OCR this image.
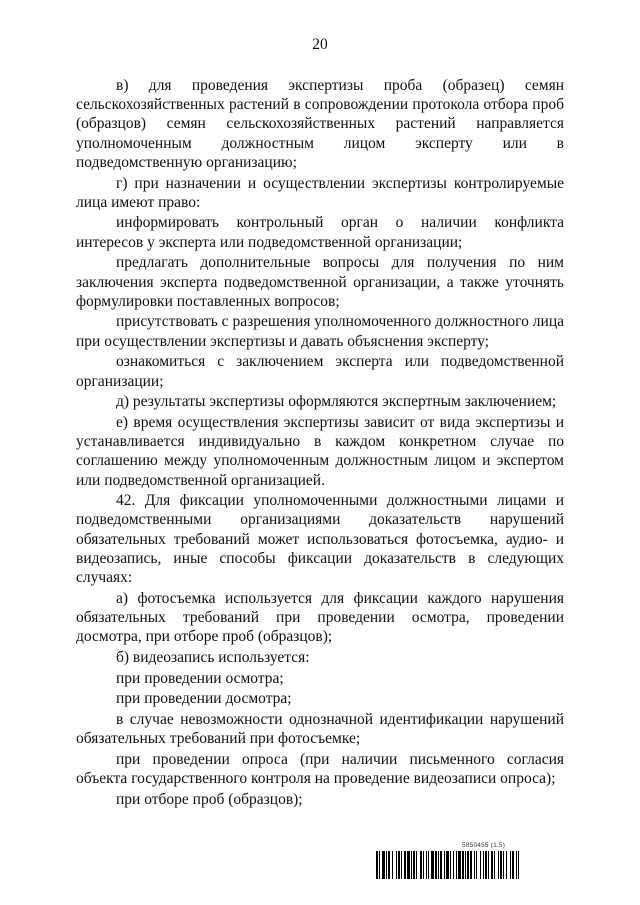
20

в) для проведения экспертизы проба (образец) семян сельскохозяйственных растений в сопровождении протокола отбора проб (образцов) семян сельскохозяйственных растений направляется уполномоченным должностным лицом эксперту или в подведомственную организацию;

г) при назначении и осуществлении экспертизы контролируемые лица имеют право:

информировать контрольный орган о наличии конфликта интересов у эксперта или подведомственной организации;

предлагать дополнительные вопросы для получения по ним заключения эксперта подведомственной организации, а также уточнять формулировки поставленных вопросов;

присутствовать с разрешения уполномоченного должностного лица при осуществлении экспертизы и давать объяснения эксперту;

ознакомиться с заключением эксперта или подведомственной организации;

д) результаты экспертизы оформляются экспертным заключением;

е) время осуществления экспертизы зависит от вида экспертизы и устанавливается индивидуально в каждом конкретном случае по соглашению между уполномоченным должностным лицом и экспертом или подведомственной организацией.

42. Для фиксации уполномоченными должностными лицами и подведомственными организациями доказательств нарушений обязательных требований может использоваться фотосъемка, аудио- и видеозапись, иные способы фиксации доказательств в следующих случаях:

а) фотосъемка используется для фиксации каждого нарушения обязательных требований при проведении осмотра, проведении досмотра, при отборе проб (образцов);

б) видеозапись используется:

при проведении осмотра;

при проведении досмотра;

в случае невозможности однозначной идентификации нарушений обязательных требований при фотосъемке;

при проведении опроса (при наличии письменного согласия объекта государственного контроля на проведение видеозаписи опроса);

при отборе проб (образцов);

5850455 (1.5)
